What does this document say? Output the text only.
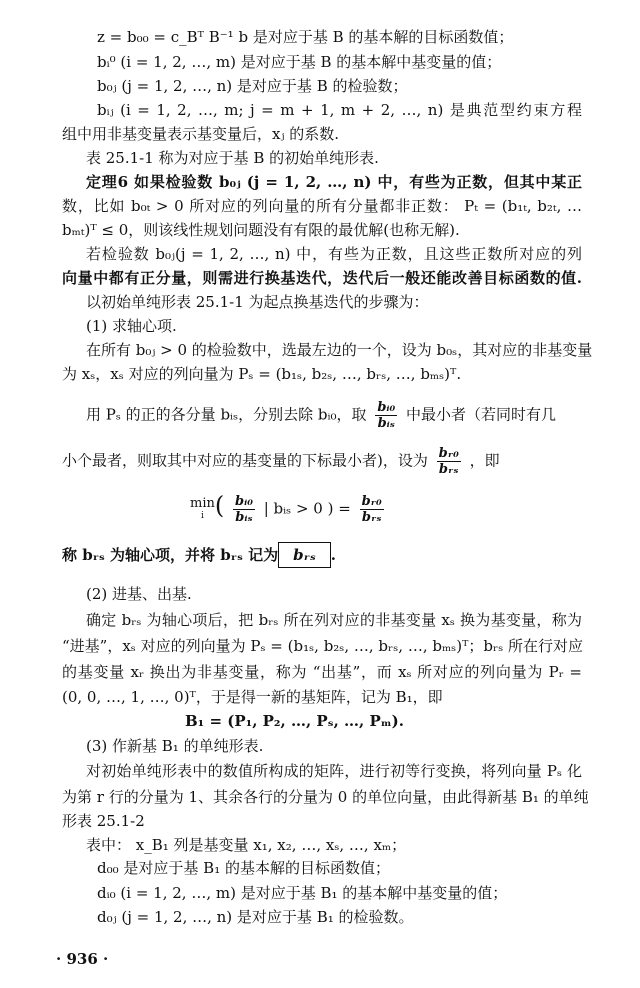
z = b₀₀ = c_Bᵀ B⁻¹ b 是对应于基 B 的基本解的目标函数值；
bᵢ⁰ (i = 1, 2, …, m) 是对应于基 B 的基本解中基变量的值；
b₀ⱼ (j = 1, 2, …, n) 是对应于基 B 的检验数；
bᵢⱼ (i = 1, 2, …, m; j = m + 1, m + 2, …, n) 是典范型约束方程
组中用非基变量表示基变量后，xⱼ 的系数.
表 25.1-1 称为对应于基 B 的初始单纯形表.
定理6 如果检验数 b₀ⱼ (j = 1, 2, …, n) 中，有些为正数，但其中某正
数，比如 b₀ₜ > 0 所对应的列向量的所有分量都非正数： Pₜ = (b₁ₜ, b₂ₜ, …
bₘₜ)ᵀ ≤ 0，则该线性规划问题没有有限的最优解(也称无解).
若检验数 b₀ⱼ(j = 1, 2, …, n) 中，有些为正数，且这些正数所对应的列
向量中都有正分量，则需进行换基迭代，迭代后一般还能改善目标函数的值.
以初始单纯形表 25.1-1 为起点换基迭代的步骤为：
(1) 求轴心项.
在所有 b₀ⱼ > 0 的检验数中，选最左边的一个，设为 b₀ₛ，其对应的非基变量
为 xₛ，xₛ 对应的列向量为 Pₛ = (b₁ₛ, b₂ₛ, …, bᵣₛ, …, bₘₛ)ᵀ.
用 Pₛ 的正的各分量 bᵢₛ，分别去除 bᵢ₀，取 $\frac{\text{bᵢ₀}}{\text{bᵢₛ}}$ 中最小者（若同时有几
小个最者，则取其中对应的基变量的下标最小者)，设为 $\frac{\text{bᵣ₀}}{\text{bᵣₛ}}$ ，即
min
i ( $\frac{\text{bᵢ₀}}{\text{bᵢₛ}}$ | bᵢₛ > 0 ) = $\frac{\text{bᵣ₀}}{\text{bᵣₛ}}$
称 bᵣₛ 为轴心项，并将 bᵣₛ 记为 bᵣₛ .
(2) 进基、出基.
确定 bᵣₛ 为轴心项后，把 bᵣₛ 所在列对应的非基变量 xₛ 换为基变量，称为
“进基”，xₛ 对应的列向量为 Pₛ = (b₁ₛ, b₂ₛ, …, bᵣₛ, …, bₘₛ)ᵀ；bᵣₛ 所在行对应
的基变量 xᵣ 换出为非基变量，称为 “出基”，而 xₛ 所对应的列向量为 Pᵣ =
(0, 0, …, 1, …, 0)ᵀ，于是得一新的基矩阵，记为 B₁，即
B₁ = (P₁, P₂, …, Pₛ, …, Pₘ).
(3) 作新基 B₁ 的单纯形表.
对初始单纯形表中的数值所构成的矩阵，进行初等行变换，将列向量 Pₛ 化
为第 r 行的分量为 1、其余各行的分量为 0 的单位向量，由此得新基 B₁ 的单纯
形表 25.1-2
表中： x_B₁ 列是基变量 x₁, x₂, …, xₛ, …, xₘ；
d₀₀ 是对应于基 B₁ 的基本解的目标函数值；
dᵢ₀ (i = 1, 2, …, m) 是对应于基 B₁ 的基本解中基变量的值；
d₀ⱼ (j = 1, 2, …, n) 是对应于基 B₁ 的检验数。
· 936 ·
